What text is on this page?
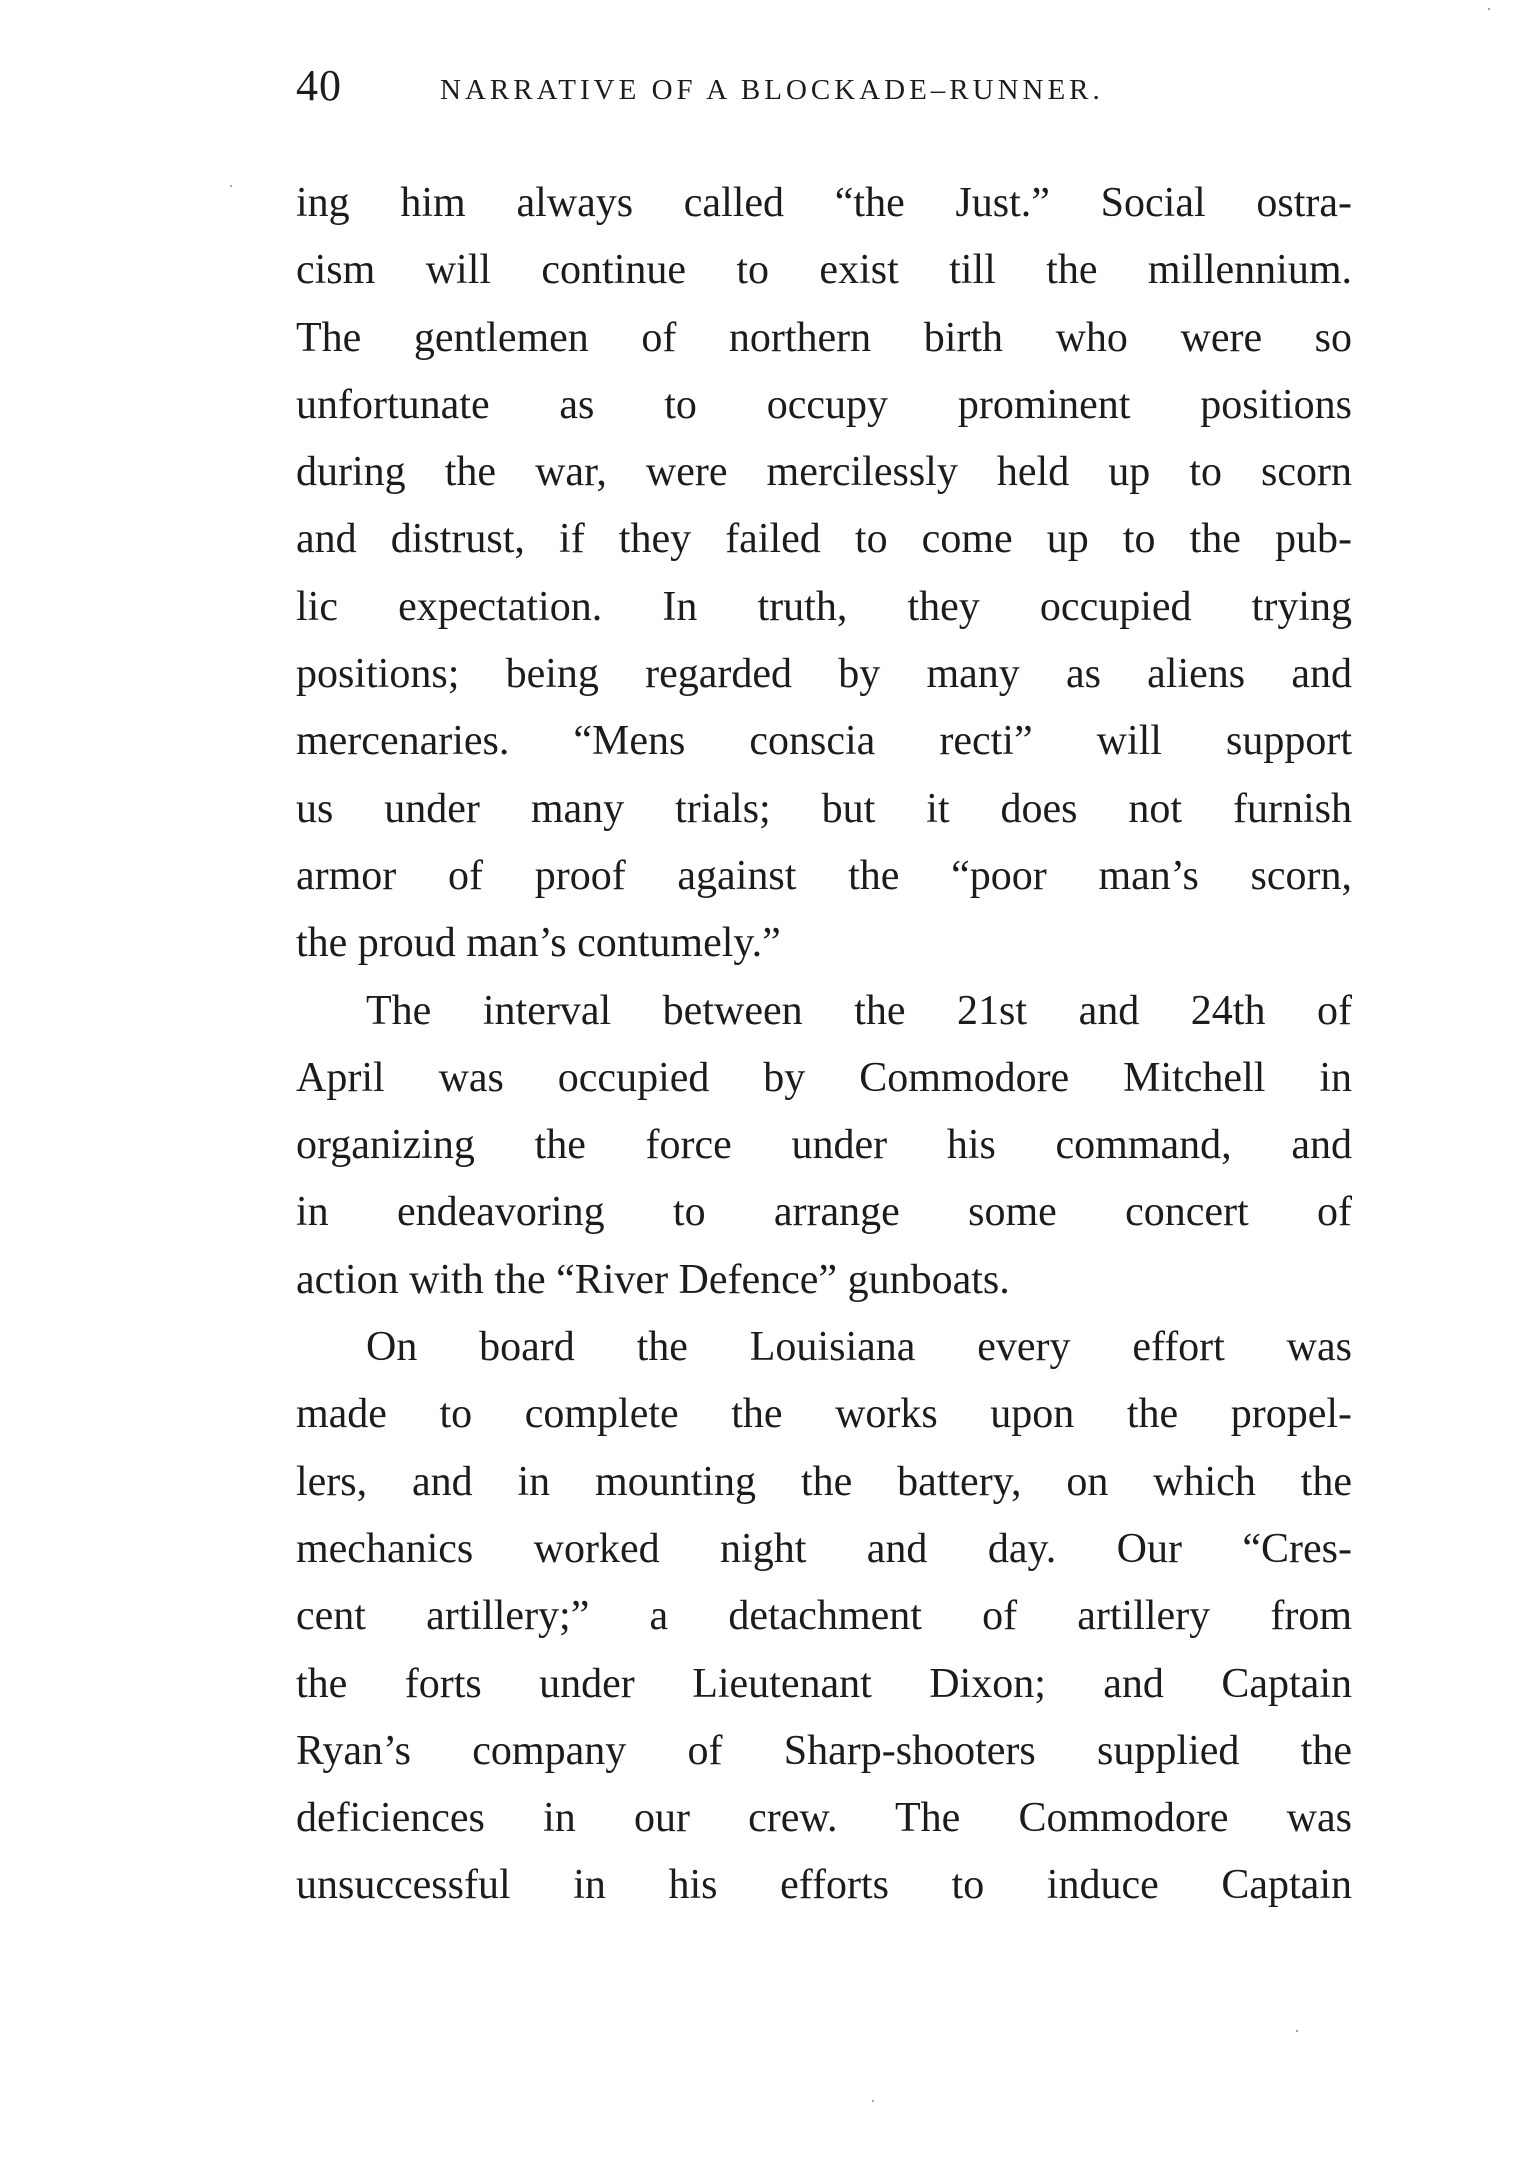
40	NARRATIVE OF A BLOCKADE–RUNNER.
ing him always called “the Just.” Social ostra-
cism will continue to exist till the millennium.
The gentlemen of northern birth who were so
unfortunate as to occupy prominent positions
during the war, were mercilessly held up to scorn
and distrust, if they failed to come up to the pub-
lic expectation. In truth, they occupied trying
positions; being regarded by many as aliens and
mercenaries. “Mens conscia recti” will support
us under many trials; but it does not furnish
armor of proof against the “poor man’s scorn,
the proud man’s contumely.”
The interval between the 21st and 24th of
April was occupied by Commodore Mitchell in
organizing the force under his command, and
in endeavoring to arrange some concert of
action with the “River Defence” gunboats.
On board the Louisiana every effort was
made to complete the works upon the propel-
lers, and in mounting the battery, on which the
mechanics worked night and day. Our “Cres-
cent artillery;” a detachment of artillery from
the forts under Lieutenant Dixon; and Captain
Ryan’s company of Sharp-shooters supplied the
deficiences in our crew. The Commodore was
unsuccessful in his efforts to induce Captain
